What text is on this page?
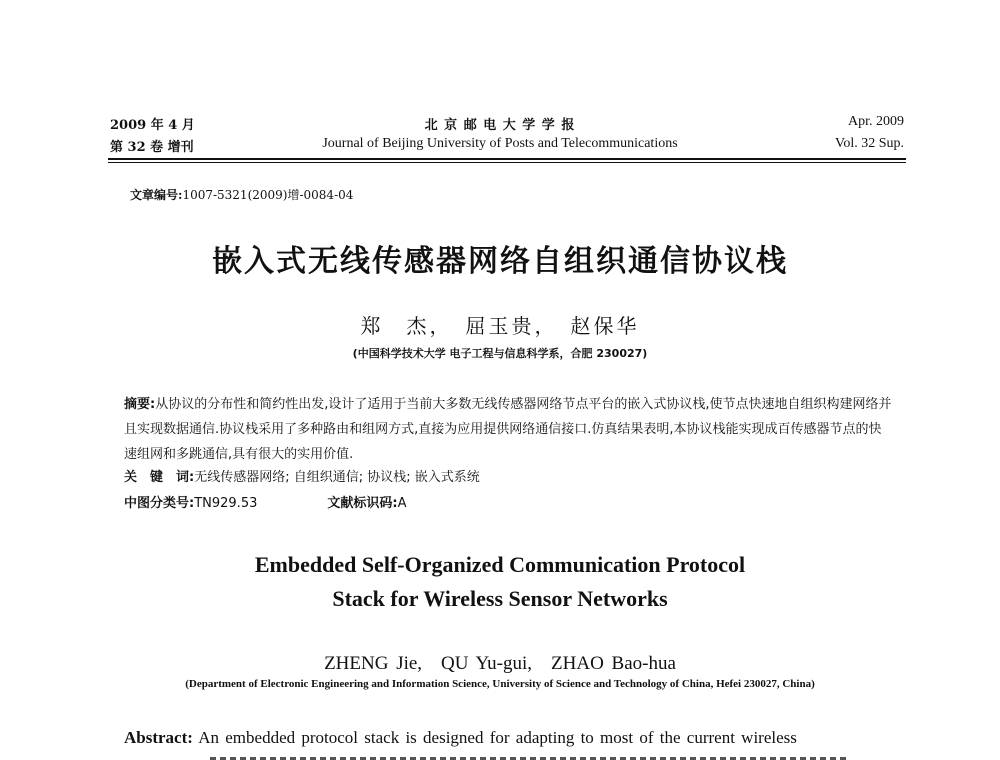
2009 年 4 月
第 32 卷 增刊
北 京 邮 电 大 学 学 报
Journal of Beijing University of Posts and Telecommunications
Apr. 2009
Vol. 32 Sup.
文章编号:1007-5321(2009)增-0084-04
嵌入式无线传感器网络自组织通信协议栈
郑　杰，　屈玉贵，　赵保华
(中国科学技术大学 电子工程与信息科学系，合肥 230027)
摘要:从协议的分布性和简约性出发,设计了适用于当前大多数无线传感器网络节点平台的嵌入式协议栈,使节点快速地自组织构建网络并且实现数据通信.协议栈采用了多种路由和组网方式,直接为应用提供网络通信接口.仿真结果表明,本协议栈能实现成百传感器节点的快速组网和多跳通信,具有很大的实用价值.
关　键　词:无线传感器网络; 自组织通信; 协议栈; 嵌入式系统
中图分类号:TN929.53	文献标识码:A
Embedded Self-Organized Communication Protocol
Stack for Wireless Sensor Networks
ZHENG Jie,　QU Yu-gui,　ZHAO Bao-hua
(Department of Electronic Engineering and Information Science, University of Science and Technology of China, Hefei 230027, China)
Abstract: An embedded protocol stack is designed for adapting to most of the current wireless
